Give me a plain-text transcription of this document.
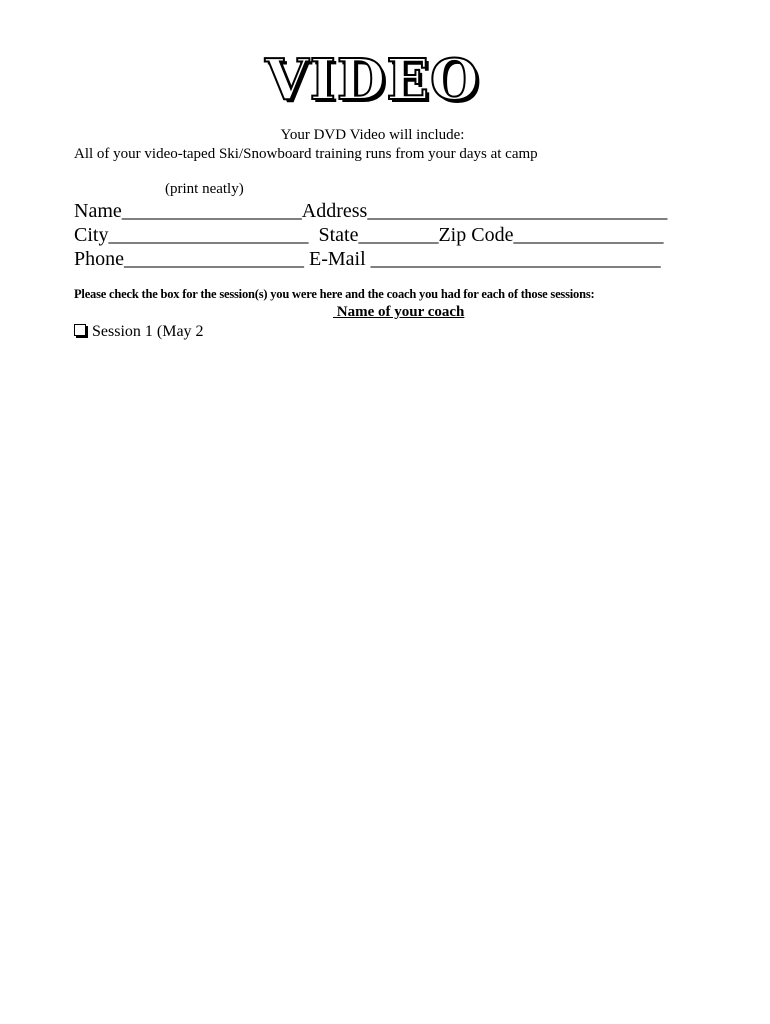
VIDEO
Your DVD Video will include:
All of your video-taped Ski/Snowboard training runs from your days at camp
(print neatly)
Name__________________Address______________________________
City____________________ State________Zip Code_______________
Phone__________________ E-Mail _____________________________
Please check the box for the session(s) you were here and the coach you had for each of those sessions:
Name of your coach
Session 1 (May 2
